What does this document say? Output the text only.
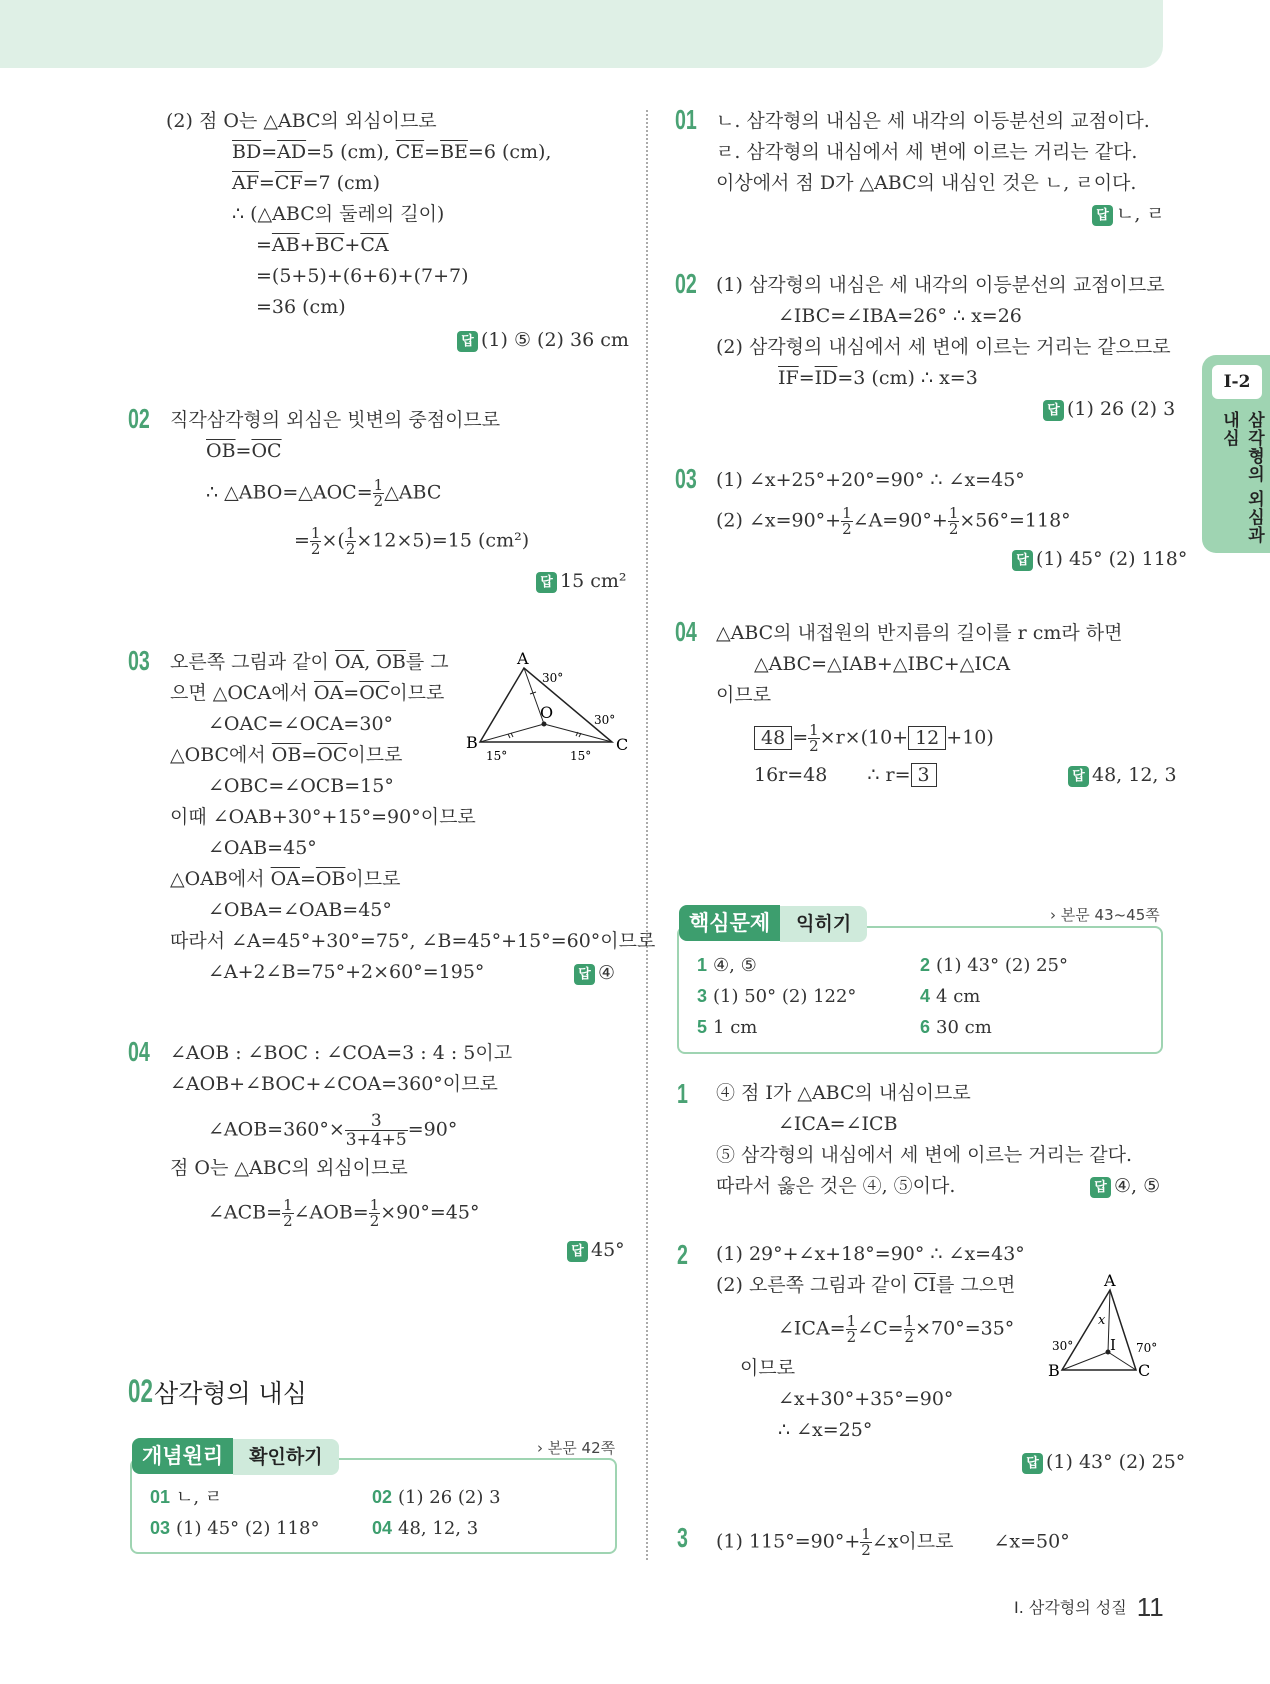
I-2
삼각형의 외심과 내심
(2) 점 O는 △ABC의 외심이므로
$\overline{BD}=\overline{AD}=5$ (cm), $\overline{CE}=\overline{BE}=6$ (cm),
$\overline{AF}=\overline{CF}=7$ (cm)
∴ (△ABC의 둘레의 길이)
$=\overline{AB}+\overline{BC}+\overline{CA}$
=(5+5)+(6+6)+(7+7)
=36 (cm)
답 (1) ⑤ (2) 36 cm
02 직각삼각형의 외심은 빗변의 중점이므로
$\overline{OB}=\overline{OC}$
∴ △ABO=△AOC= $\frac{1}{2}$ △ABC
= $\frac{1}{2}$ ×( $\frac{1}{2} \times 12\times 5)=15$ (cm²)
답 15 cm²
03 오른쪽 그림과 같이 $\overline{OA}$, $\overline{OB}$를 그
으면 △OCA에서 $\overline{OA}=\overline{OC}$이므로
∠OAC=∠OCA=30°
△OBC에서 $\overline{OB}=\overline{OC}$이므로
∠OBC=∠OCB=15°
이때 ∠OAB+30°+15°=90°이므로
∠OAB=45°
△OAB에서 $\overline{OA}=\overline{OB}$이므로
∠OBA=∠OAB=45°
따라서 ∠A=45°+30°=75°, ∠B=45°+15°=60°이므로
∠A+2∠B=75°+2×60°=195°	답 ④
A
B	C
O
30°
30°
15°	15°
04 ∠AOB : ∠BOC : ∠COA=3 : 4 : 5이고
∠AOB+∠BOC+∠COA=360°이므로
∠AOB=360°× $\frac{3}{3+4+5} =90^\circ$
점 O는 △ABC의 외심이므로
∠ACB= $\frac{1}{2}$ ∠AOB= $\frac{1}{2} \times 90^\circ=45^\circ$
답 45°
02삼각형의 내심
개념원리 확인하기	› 본문 42쪽
01 ㄴ, ㄹ	02 (1) 26 (2) 3
03 (1) 45° (2) 118°	04 48, 12, 3
01 ㄴ. 삼각형의 내심은 세 내각의 이등분선의 교점이다.
ㄹ. 삼각형의 내심에서 세 변에 이르는 거리는 같다.
이상에서 점 D가 △ABC의 내심인 것은 ㄴ, ㄹ이다.
답 ㄴ, ㄹ
02 (1) 삼각형의 내심은 세 내각의 이등분선의 교점이므로
∠IBC=∠IBA=26° ∴ x=26
(2) 삼각형의 내심에서 세 변에 이르는 거리는 같으므로
$\overline{IF}=\overline{ID}=3$ (cm) ∴ x=3
답 (1) 26 (2) 3
03 (1) ∠x+25°+20°=90° ∴ ∠x=45°
(2) ∠x=90°+ $\frac{1}{2}$ ∠A=90°+ $\frac{1}{2} \times 56^\circ=118^\circ$
답 (1) 45° (2) 118°
04 △ABC의 내접원의 반지름의 길이를 r cm라 하면
△ABC=△IAB+△IBC+△ICA
이므로
$48 = \frac{1}{2} \times r\times(10+ 12 +10)$
16r=48 ∴ r= 3	답 48, 12, 3
핵심문제 익히기	› 본문 43~45쪽
1 ④, ⑤	2 (1) 43° (2) 25°
3 (1) 50° (2) 122°	4 4 cm
5 1 cm	6 30 cm
1 ④ 점 I가 △ABC의 내심이므로
∠ICA=∠ICB
⑤ 삼각형의 내심에서 세 변에 이르는 거리는 같다.
따라서 옳은 것은 ④, ⑤이다.	답 ④, ⑤
2 (1) 29°+∠x+18°=90° ∴ ∠x=43°
(2) 오른쪽 그림과 같이 $\overline{CI}$를 그으면
∠ICA= $\frac{1}{2}$ ∠C= $\frac{1}{2} \times 70^\circ=35^\circ$
이므로
∠x+30°+35°=90°
∴ ∠x=25°
답 (1) 43° (2) 25°
A
B	C
I
x
30°	70°
3 (1) $115^\circ=90^\circ+ \frac{1}{2}$ ∠x이므로 ∠x=50°
I. 삼각형의 성질 11
